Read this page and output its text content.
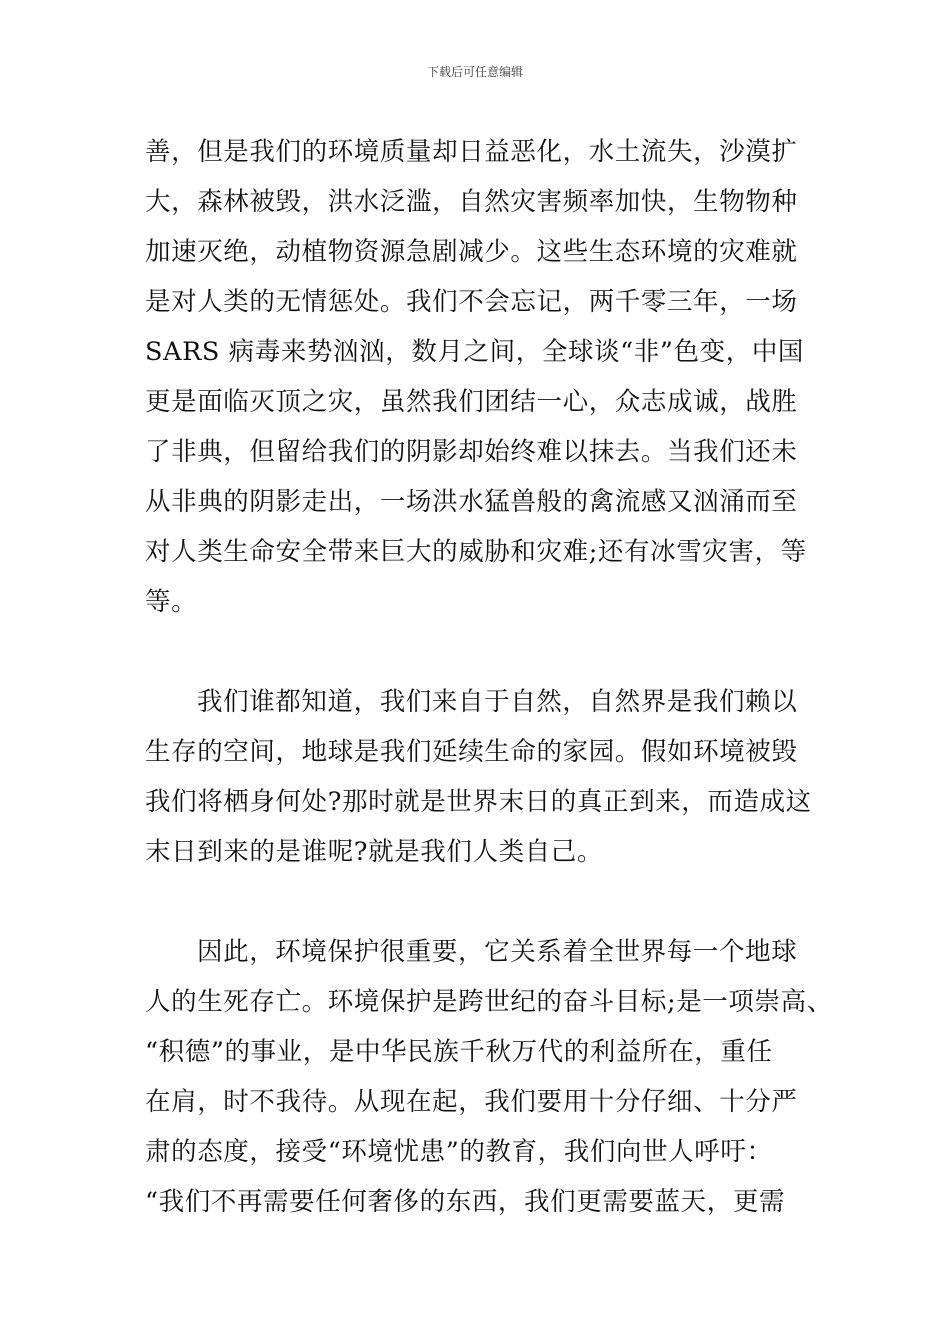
下载后可任意编辑
善，但是我们的环境质量却日益恶化，水土流失，沙漠扩
大，森林被毁，洪水泛滥，自然灾害频率加快，生物物种
加速灭绝，动植物资源急剧减少。这些生态环境的灾难就
是对人类的无情惩处。我们不会忘记，两千零三年，一场
SARS 病毒来势汹汹，数月之间，全球谈“非”色变，中国
更是面临灭顶之灾，虽然我们团结一心，众志成诚，战胜
了非典，但留给我们的阴影却始终难以抹去。当我们还未
从非典的阴影走出，一场洪水猛兽般的禽流感又汹涌而至
对人类生命安全带来巨大的威胁和灾难;还有冰雪灾害，等
等。
我们谁都知道，我们来自于自然，自然界是我们赖以
生存的空间，地球是我们延续生命的家园。假如环境被毁
我们将栖身何处?那时就是世界末日的真正到来，而造成这
末日到来的是谁呢?就是我们人类自己。
因此，环境保护很重要，它关系着全世界每一个地球
人的生死存亡。环境保护是跨世纪的奋斗目标;是一项崇高、
“积德”的事业，是中华民族千秋万代的利益所在，重任
在肩，时不我待。从现在起，我们要用十分仔细、十分严
肃的态度，接受“环境忧患”的教育，我们向世人呼吁：
“我们不再需要任何奢侈的东西，我们更需要蓝天，更需
